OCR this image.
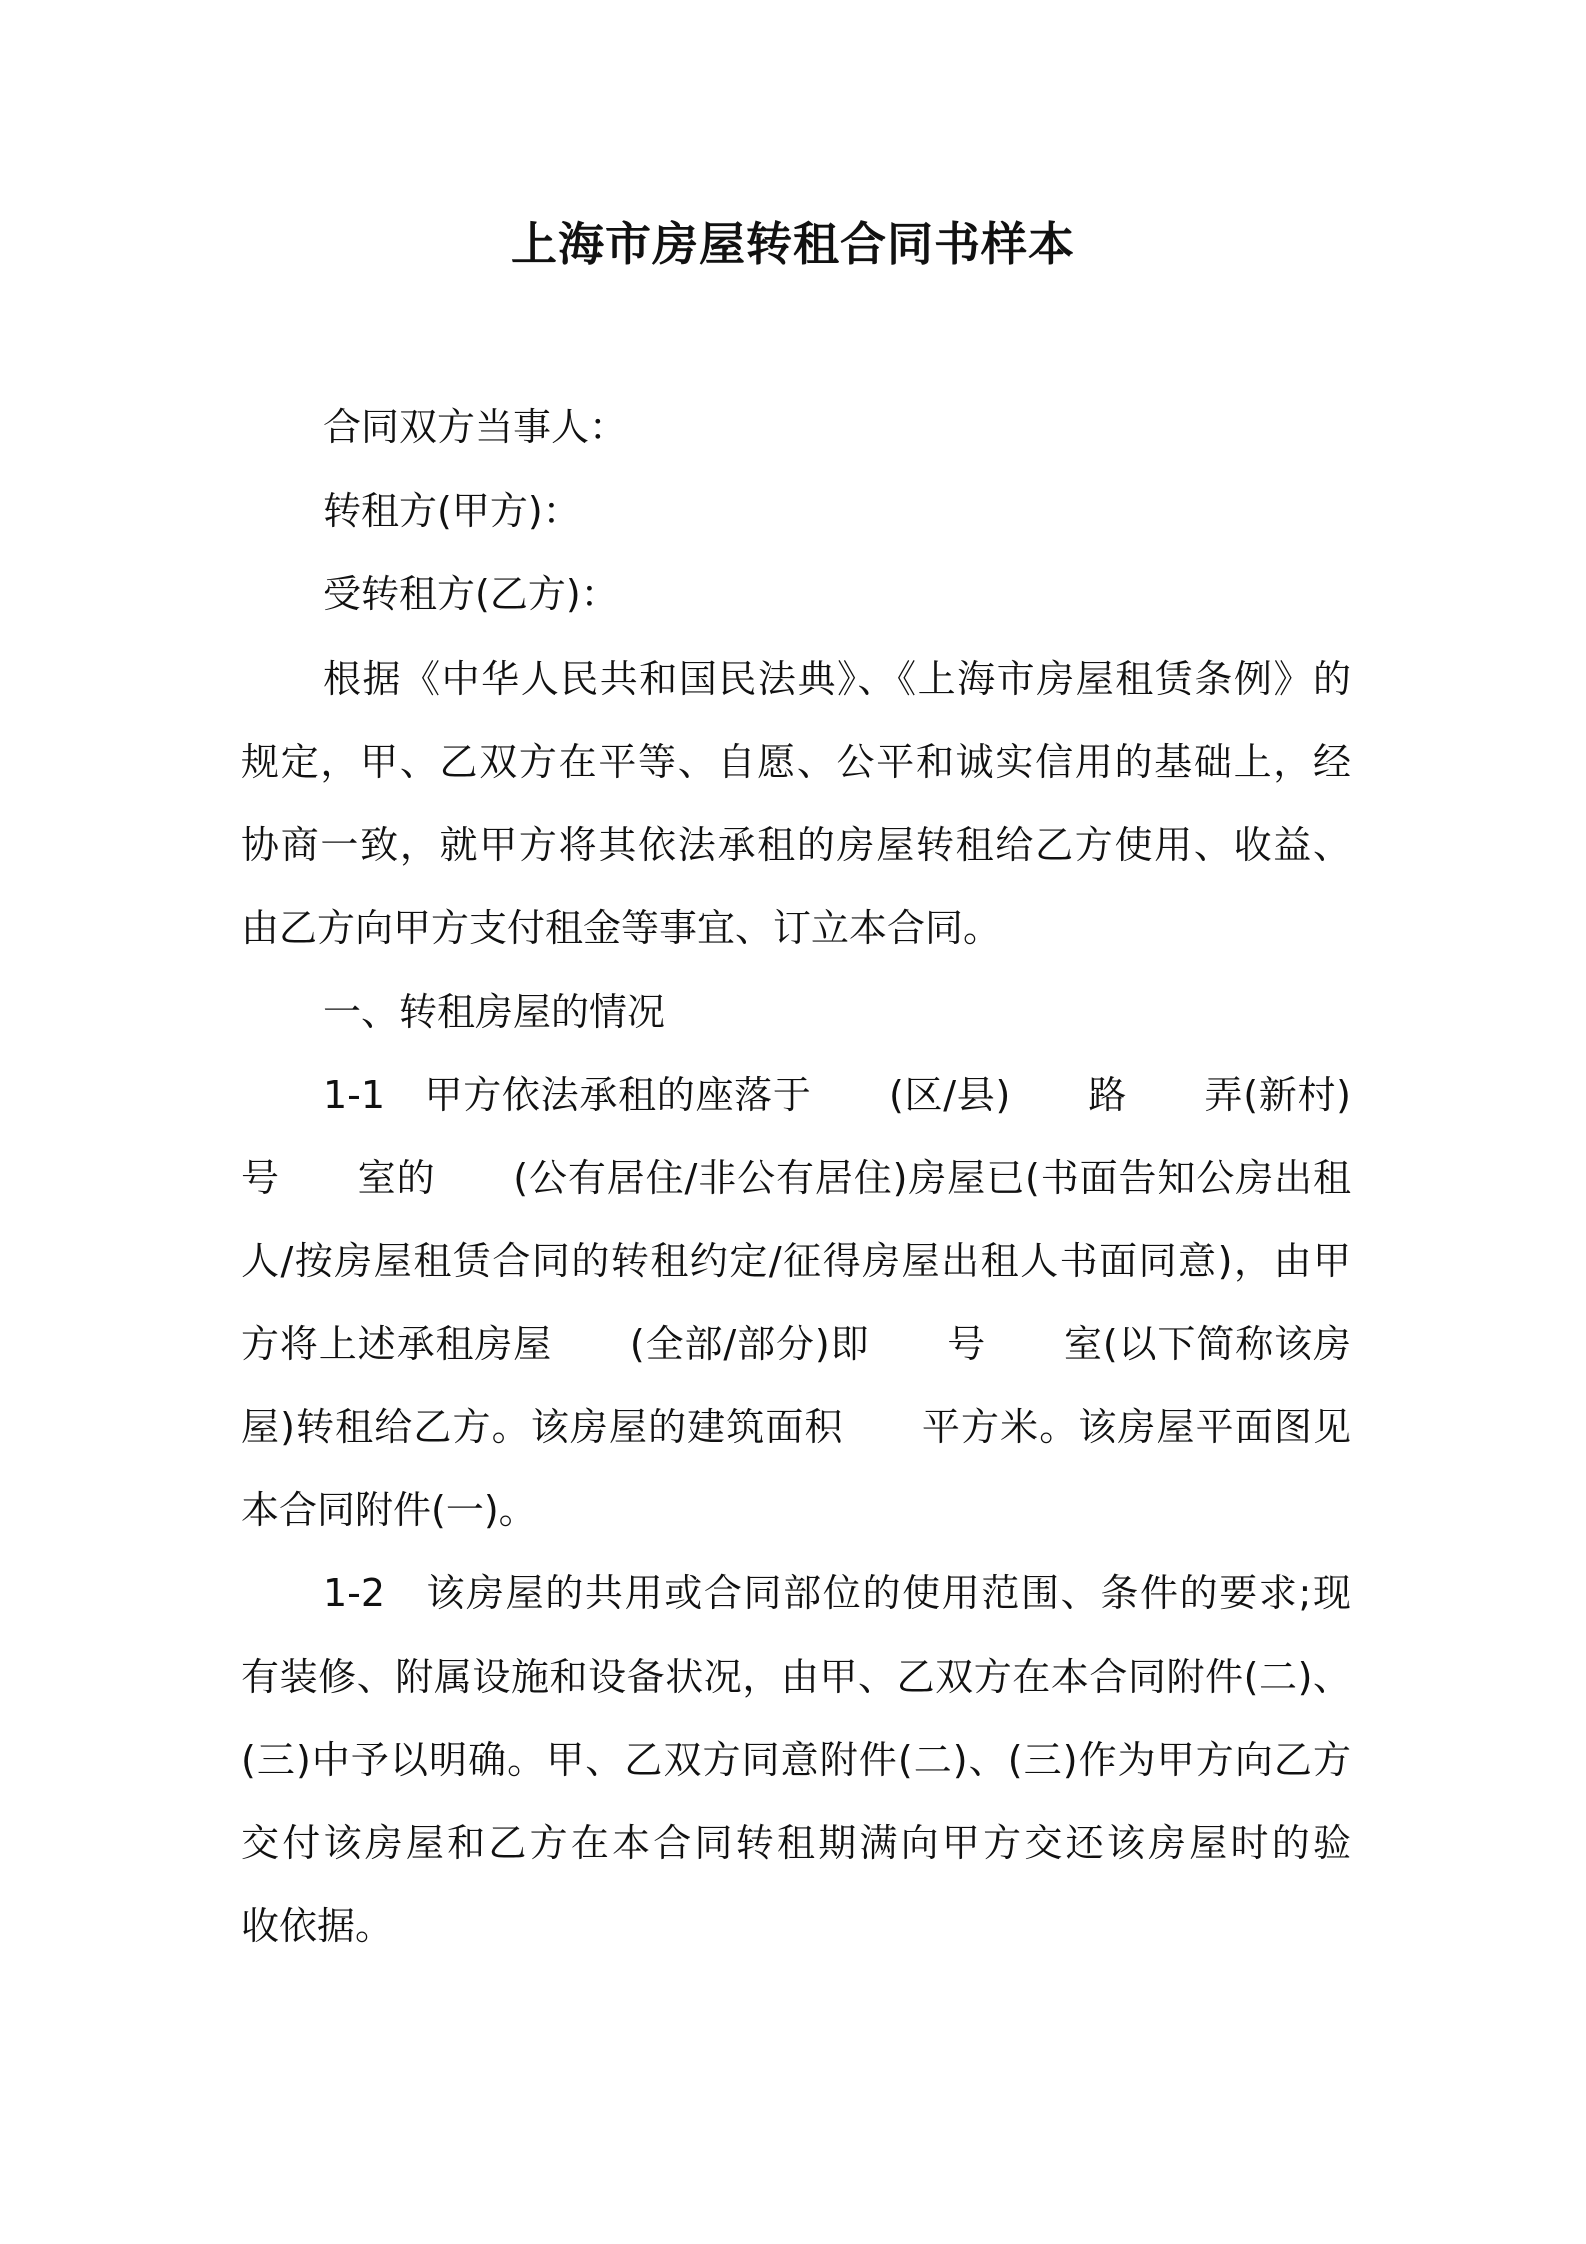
上海市房屋转租合同书样本
合同双方当事人：
转租方(甲方)：
受转租方(乙方)：
根据《中华人民共和国民法典》、《上海市房屋租赁条例》的
规定，甲、乙双方在平等、自愿、公平和诚实信用的基础上，经
协商一致，就甲方将其依法承租的房屋转租给乙方使用、收益、
由乙方向甲方支付租金等事宜、订立本合同。
一、转租房屋的情况
1-1　甲方依法承租的座落于　　(区/县)　　路　　弄(新村)
号　　室的　　(公有居住/非公有居住)房屋已(书面告知公房出租
人/按房屋租赁合同的转租约定/征得房屋出租人书面同意)，由甲
方将上述承租房屋　　(全部/部分)即　　号　　室(以下简称该房
屋)转租给乙方。该房屋的建筑面积　　平方米。该房屋平面图见
本合同附件(一)。
1-2　该房屋的共用或合同部位的使用范围、条件的要求;现
有装修、附属设施和设备状况，由甲、乙双方在本合同附件(二)、
(三)中予以明确。甲、乙双方同意附件(二)、(三)作为甲方向乙方
交付该房屋和乙方在本合同转租期满向甲方交还该房屋时的验
收依据。
